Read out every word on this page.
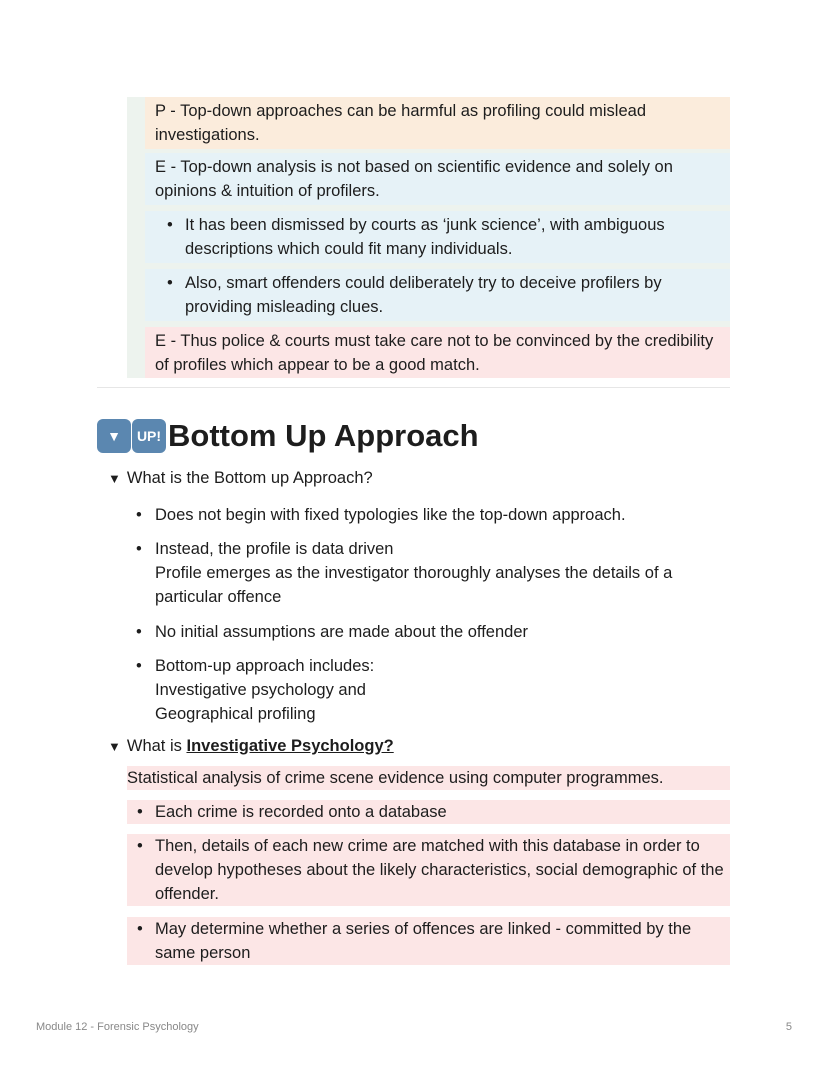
P - Top-down approaches can be harmful as profiling could mislead investigations.
E - Top-down analysis is not based on scientific evidence and solely on opinions & intuition of profilers.
• It has been dismissed by courts as ‘junk science’, with ambiguous descriptions which could fit many individuals.
• Also, smart offenders could deliberately try to deceive profilers by providing misleading clues.
E - Thus police & courts must take care not to be convinced by the credibility of profiles which appear to be a good match.
▼	UP! Bottom Up Approach
▼ What is the Bottom up Approach?
• Does not begin with fixed typologies like the top-down approach.
• Instead, the profile is data driven
Profile emerges as the investigator thoroughly analyses the details of a particular offence
• No initial assumptions are made about the offender
• Bottom-up approach includes:
Investigative psychology and
Geographical profiling
▼ What is Investigative Psychology?
Statistical analysis of crime scene evidence using computer programmes.
• Each crime is recorded onto a database
• Then, details of each new crime are matched with this database in order to develop hypotheses about the likely characteristics, social demographic of the offender.
• May determine whether a series of offences are linked - committed by the same person
Module 12 - Forensic Psychology	5
